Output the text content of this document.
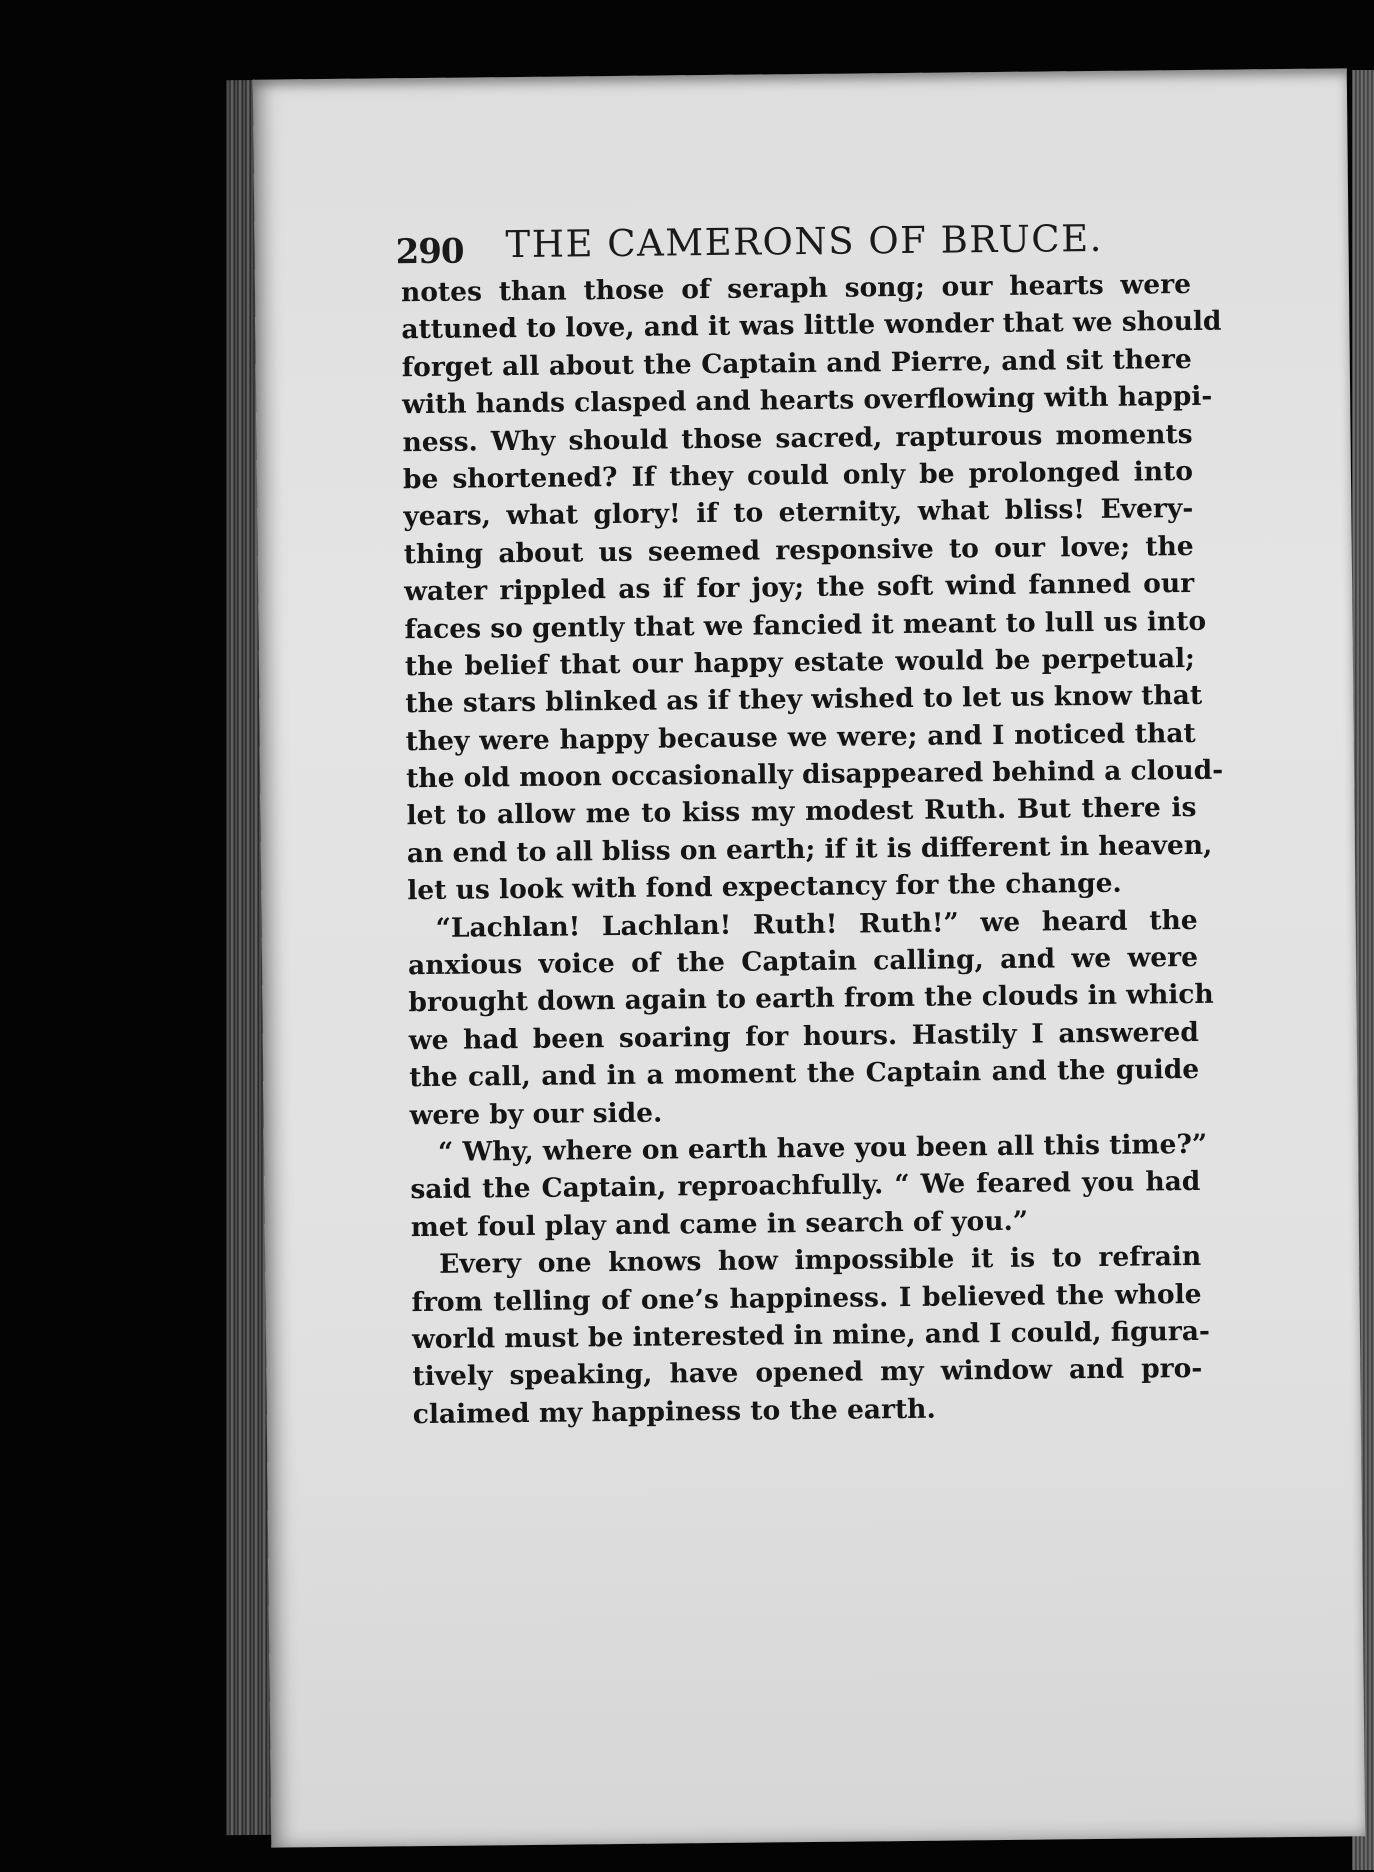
290 THE CAMERONS OF BRUCE.
notes than those of seraph song; our hearts were
attuned to love, and it was little wonder that we should
forget all about the Captain and Pierre, and sit there
with hands clasped and hearts overflowing with happi-
ness. Why should those sacred, rapturous moments
be shortened? If they could only be prolonged into
years, what glory! if to eternity, what bliss! Every-
thing about us seemed responsive to our love; the
water rippled as if for joy; the soft wind fanned our
faces so gently that we fancied it meant to lull us into
the belief that our happy estate would be perpetual;
the stars blinked as if they wished to let us know that
they were happy because we were; and I noticed that
the old moon occasionally disappeared behind a cloud-
let to allow me to kiss my modest Ruth. But there is
an end to all bliss on earth; if it is different in heaven,
let us look with fond expectancy for the change.
“Lachlan! Lachlan! Ruth! Ruth!” we heard the
anxious voice of the Captain calling, and we were
brought down again to earth from the clouds in which
we had been soaring for hours. Hastily I answered
the call, and in a moment the Captain and the guide
were by our side.
“ Why, where on earth have you been all this time?”
said the Captain, reproachfully. “ We feared you had
met foul play and came in search of you.”
Every one knows how impossible it is to refrain
from telling of one’s happiness. I believed the whole
world must be interested in mine, and I could, figura-
tively speaking, have opened my window and pro-
claimed my happiness to the earth.
